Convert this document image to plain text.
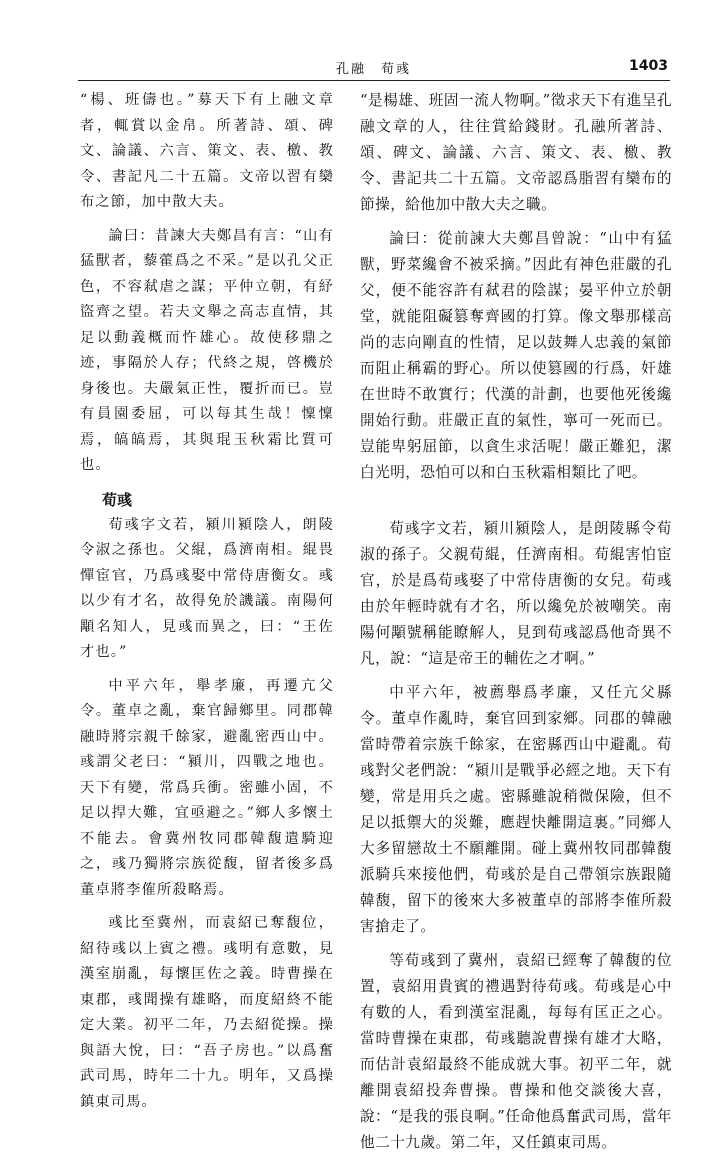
孔融　荀彧	1403

“楊、班儔也。”募天下有上融文章者，輒賞以金帛。所著詩、頌、碑文、論議、六言、策文、表、檄、教令、書記凡二十五篇。文帝以習有欒布之節，加中散大夫。

論曰：昔諫大夫鄭昌有言：“山有猛獸者，藜藿爲之不采。”是以孔父正色，不容弒虐之謀；平仲立朝，有紓盜齊之望。若夫文舉之高志直情，其足以動義概而忤雄心。故使移鼎之迹，事隔於人存；代終之規，啓機於身後也。夫嚴氣正性，覆折而已。豈有員園委屈，可以每其生哉！懍懍焉，皜皜焉，其與琨玉秋霜比質可也。

荀彧

荀彧字文若，潁川潁陰人，朗陵令淑之孫也。父緄，爲濟南相。緄畏憚宦官，乃爲彧娶中常侍唐衡女。彧以少有才名，故得免於譏議。南陽何顒名知人，見彧而異之，曰：“王佐才也。”

中平六年，舉孝廉，再遷亢父令。董卓之亂，棄官歸鄉里。同郡韓融時將宗親千餘家，避亂密西山中。彧謂父老曰：“潁川，四戰之地也。天下有變，常爲兵衝。密雖小固，不足以捍大難，宜亟避之。”鄉人多懷土不能去。會冀州牧同郡韓馥遣騎迎之，彧乃獨將宗族從馥，留者後多爲董卓將李傕所殺略焉。

彧比至冀州，而袁紹已奪馥位，紹待彧以上賓之禮。彧明有意數，見漢室崩亂，每懷匡佐之義。時曹操在東郡，彧聞操有雄略，而度紹終不能定大業。初平二年，乃去紹從操。操與語大悅，曰：“吾子房也。”以爲奮武司馬，時年二十九。明年，又爲操鎮東司馬。

“是楊雄、班固一流人物啊。”徵求天下有進呈孔融文章的人，往往賞給錢財。孔融所著詩、頌、碑文、論議、六言、策文、表、檄、教令、書記共二十五篇。文帝認爲脂習有欒布的節操，給他加中散大夫之職。

論曰：從前諫大夫鄭昌曾說：“山中有猛獸，野菜纔會不被采摘。”因此有神色莊嚴的孔父，便不能容許有弒君的陰謀；晏平仲立於朝堂，就能阻礙篡奪齊國的打算。像文舉那樣高尚的志向剛直的性情，足以鼓舞人忠義的氣節而阻止稱霸的野心。所以使篡國的行爲，奸雄在世時不敢實行；代漢的計劃，也要他死後纔開始行動。莊嚴正直的氣性，寧可一死而已。豈能卑躬屈節，以貪生求活呢！嚴正難犯，潔白光明，恐怕可以和白玉秋霜相類比了吧。

荀彧字文若，潁川潁陰人，是朗陵縣令荀淑的孫子。父親荀緄，任濟南相。荀緄害怕宦官，於是爲荀彧娶了中常侍唐衡的女兒。荀彧由於年輕時就有才名，所以纔免於被嘲笑。南陽何顒號稱能瞭解人，見到荀彧認爲他奇異不凡，說：“這是帝王的輔佐之才啊。”

中平六年，被薦舉爲孝廉，又任亢父縣令。董卓作亂時，棄官回到家鄉。同郡的韓融當時帶着宗族千餘家，在密縣西山中避亂。荀彧對父老們說：“潁川是戰爭必經之地。天下有變，常是用兵之處。密縣雖說稍微保險，但不足以抵禦大的災難，應趕快離開這裏。”同鄉人大多留戀故土不願離開。碰上冀州牧同郡韓馥派騎兵來接他們，荀彧於是自己帶領宗族跟隨韓馥，留下的後來大多被董卓的部將李傕所殺害搶走了。

等荀彧到了冀州，袁紹已經奪了韓馥的位置，袁紹用貴賓的禮遇對待荀彧。荀彧是心中有數的人，看到漢室混亂，每每有匡正之心。當時曹操在東郡，荀彧聽說曹操有雄才大略，而估計袁紹最終不能成就大事。初平二年，就離開袁紹投奔曹操。曹操和他交談後大喜，說：“是我的張良啊。”任命他爲奮武司馬，當年他二十九歲。第二年，又任鎮東司馬。
